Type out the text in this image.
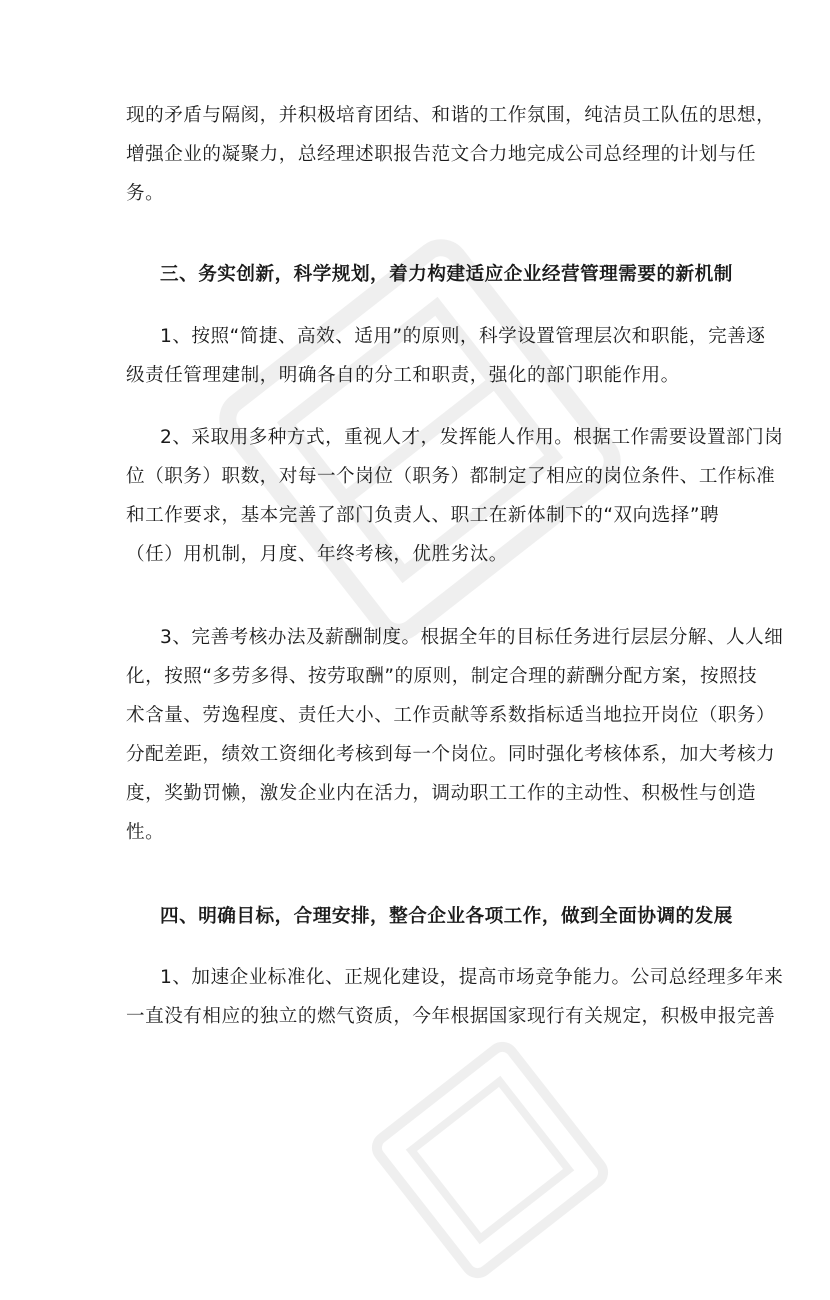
现的矛盾与隔阂，并积极培育团结、和谐的工作氛围，纯洁员工队伍的思想，
增强企业的凝聚力，总经理述职报告范文合力地完成公司总经理的计划与任
务。

三、务实创新，科学规划，着力构建适应企业经营管理需要的新机制

1、按照“简捷、高效、适用”的原则，科学设置管理层次和职能，完善逐
级责任管理建制，明确各自的分工和职责，强化的部门职能作用。

2、采取用多种方式，重视人才，发挥能人作用。根据工作需要设置部门岗
位（职务）职数，对每一个岗位（职务）都制定了相应的岗位条件、工作标准
和工作要求，基本完善了部门负责人、职工在新体制下的“双向选择”聘
（任）用机制，月度、年终考核，优胜劣汰。

3、完善考核办法及薪酬制度。根据全年的目标任务进行层层分解、人人细
化，按照“多劳多得、按劳取酬”的原则，制定合理的薪酬分配方案，按照技
术含量、劳逸程度、责任大小、工作贡献等系数指标适当地拉开岗位（职务）
分配差距，绩效工资细化考核到每一个岗位。同时强化考核体系，加大考核力
度，奖勤罚懒，激发企业内在活力，调动职工工作的主动性、积极性与创造
性。

四、明确目标，合理安排，整合企业各项工作，做到全面协调的发展

1、加速企业标准化、正规化建设，提高市场竞争能力。公司总经理多年来
一直没有相应的独立的燃气资质，今年根据国家现行有关规定，积极申报完善
